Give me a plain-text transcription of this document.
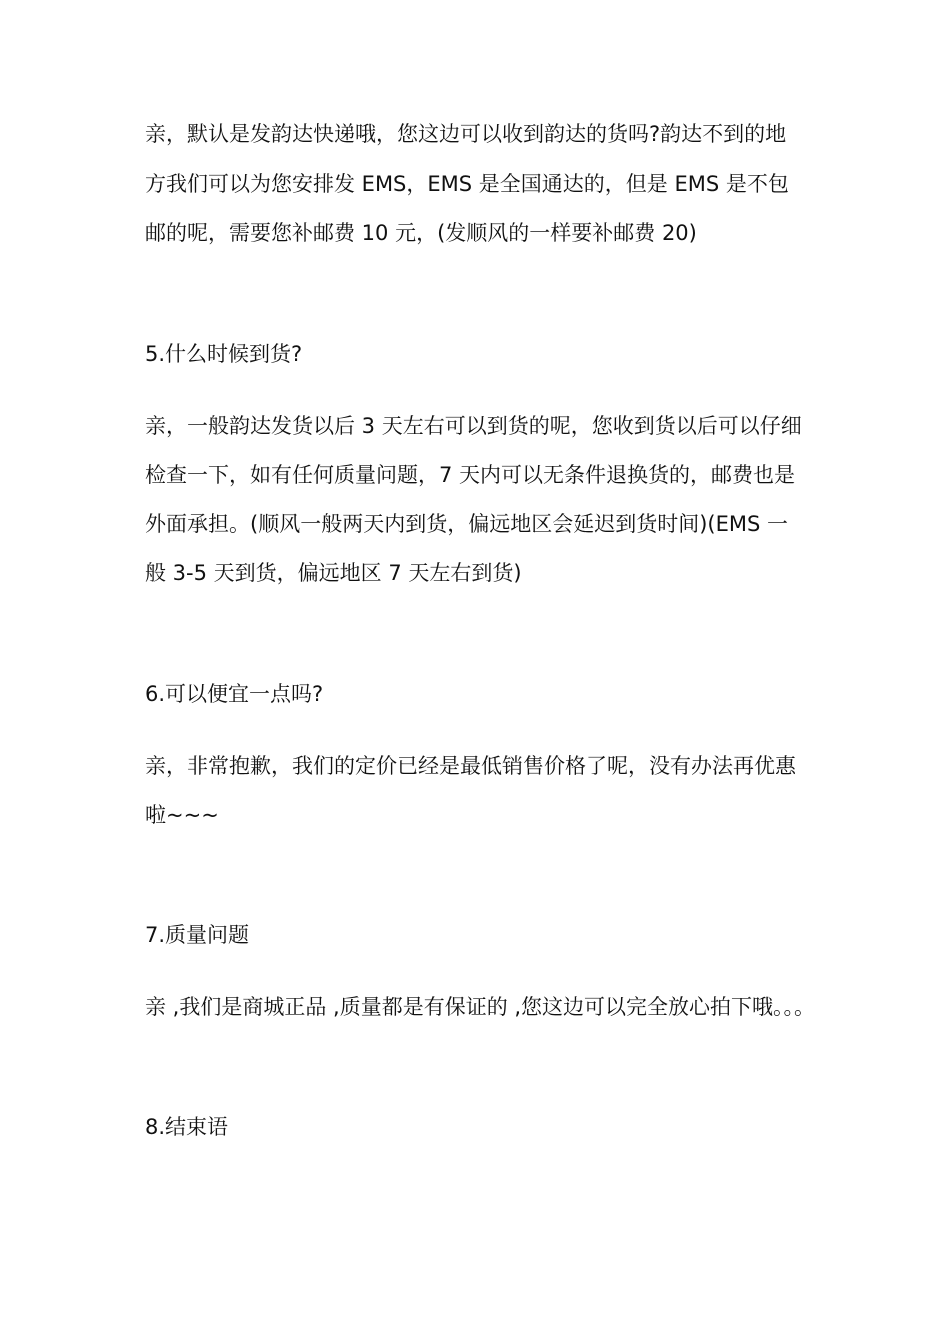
亲，默认是发韵达快递哦，您这边可以收到韵达的货吗?韵达不到的地
方我们可以为您安排发 EMS，EMS 是全国通达的，但是 EMS 是不包
邮的呢，需要您补邮费 10 元，(发顺风的一样要补邮费 20)
5.什么时候到货?
亲，一般韵达发货以后 3 天左右可以到货的呢，您收到货以后可以仔细
检查一下，如有任何质量问题，7 天内可以无条件退换货的，邮费也是
外面承担。(顺风一般两天内到货，偏远地区会延迟到货时间)(EMS 一
般 3-5 天到货，偏远地区 7 天左右到货)
6.可以便宜一点吗?
亲，非常抱歉，我们的定价已经是最低销售价格了呢，没有办法再优惠
啦~~~
7.质量问题
亲 ,我们是商城正品 ,质量都是有保证的 ,您这边可以完全放心拍下哦。。。
8.结束语
